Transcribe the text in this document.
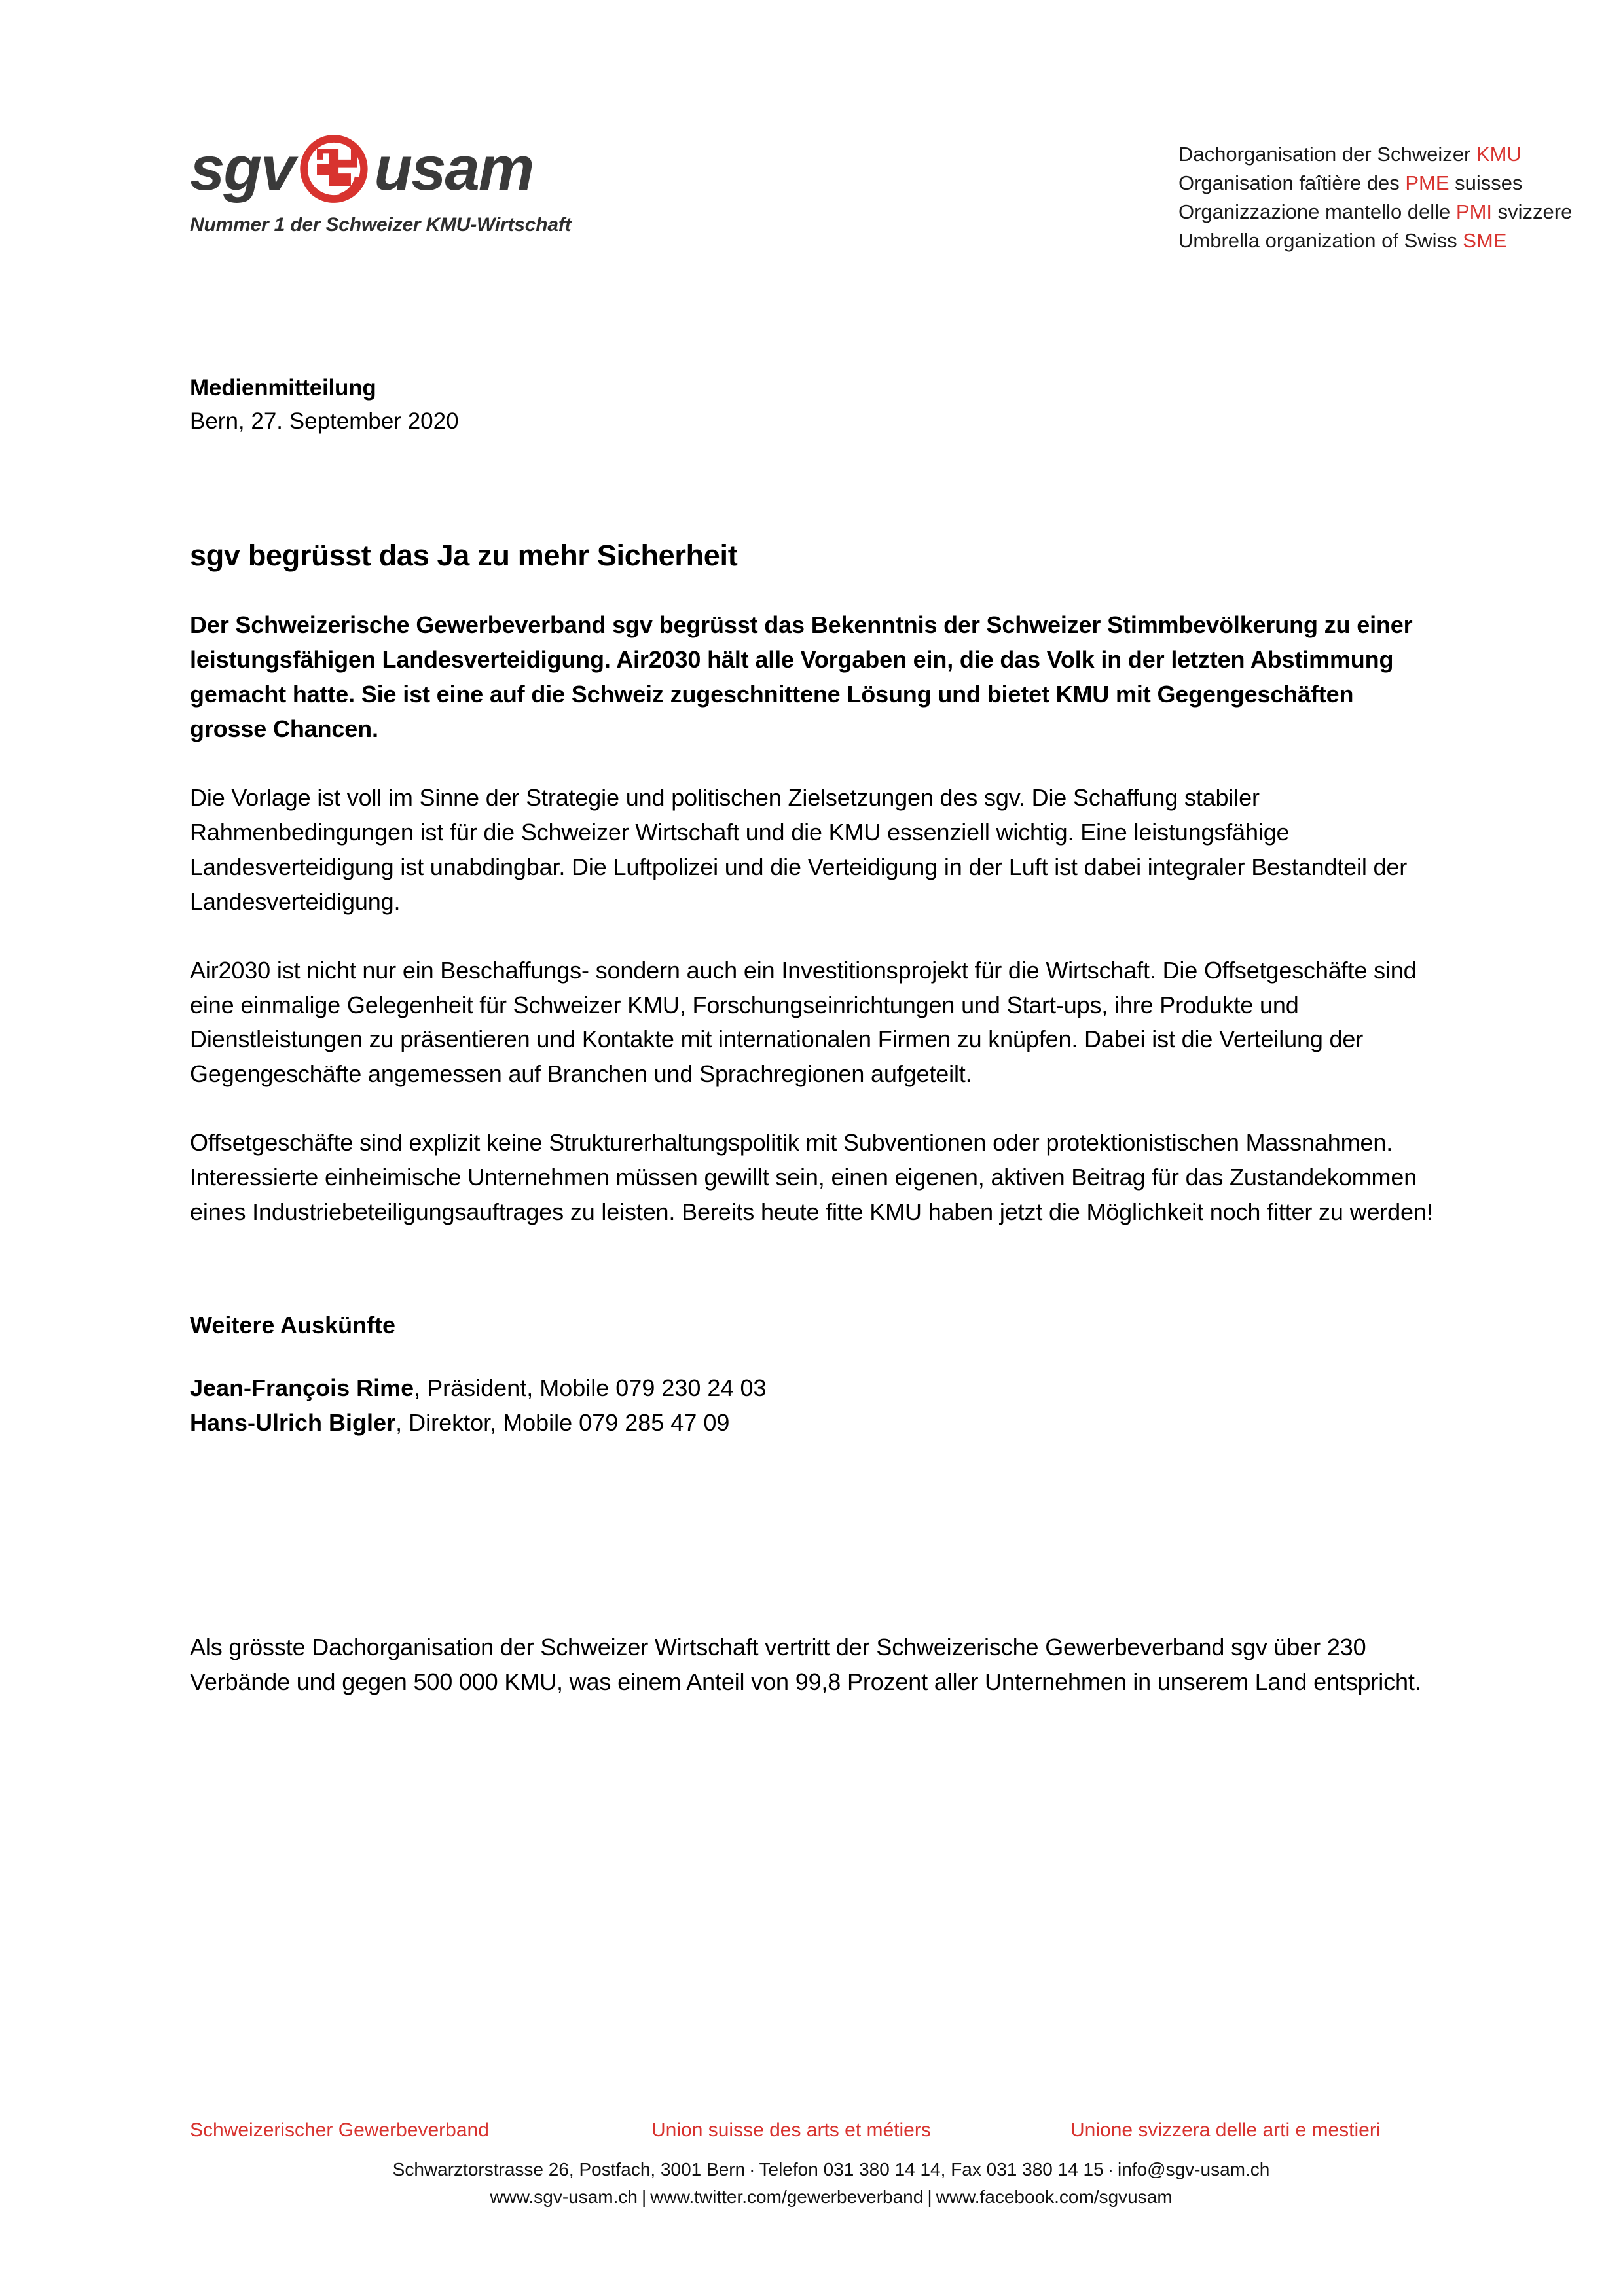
sgv usam
Nummer 1 der Schweizer KMU-Wirtschaft
Dachorganisation der Schweizer KMU
Organisation faîtière des PME suisses
Organizzazione mantello delle PMI svizzere
Umbrella organization of Swiss SME
Medienmitteilung
Bern, 27. September 2020
sgv begrüsst das Ja zu mehr Sicherheit

Der Schweizerische Gewerbeverband sgv begrüsst das Bekenntnis der Schweizer Stimmbevölkerung zu einer leistungsfähigen Landesverteidigung. Air2030 hält alle Vorgaben ein, die das Volk in der letzten Abstimmung gemacht hatte. Sie ist eine auf die Schweiz zugeschnittene Lösung und bietet KMU mit Gegengeschäften grosse Chancen.

Die Vorlage ist voll im Sinne der Strategie und politischen Zielsetzungen des sgv. Die Schaffung stabiler Rahmenbedingungen ist für die Schweizer Wirtschaft und die KMU essenziell wichtig. Eine leistungsfähige Landesverteidigung ist unabdingbar. Die Luftpolizei und die Verteidigung in der Luft ist dabei integraler Bestandteil der Landesverteidigung.

Air2030 ist nicht nur ein Beschaffungs- sondern auch ein Investitionsprojekt für die Wirtschaft. Die Offsetgeschäfte sind eine einmalige Gelegenheit für Schweizer KMU, Forschungseinrichtungen und Start-ups, ihre Produkte und Dienstleistungen zu präsentieren und Kontakte mit internationalen Firmen zu knüpfen. Dabei ist die Verteilung der Gegengeschäfte angemessen auf Branchen und Sprachregionen aufgeteilt.

Offsetgeschäfte sind explizit keine Strukturerhaltungspolitik mit Subventionen oder protektionistischen Massnahmen. Interessierte einheimische Unternehmen müssen gewillt sein, einen eigenen, aktiven Beitrag für das Zustandekommen eines Industriebeteiligungsauftrages zu leisten. Bereits heute fitte KMU haben jetzt die Möglichkeit noch fitter zu werden!

Weitere Auskünfte
Jean-François Rime, Präsident, Mobile 079 230 24 03
Hans-Ulrich Bigler, Direktor, Mobile 079 285 47 09

Als grösste Dachorganisation der Schweizer Wirtschaft vertritt der Schweizerische Gewerbeverband sgv über 230 Verbände und gegen 500 000 KMU, was einem Anteil von 99,8 Prozent aller Unternehmen in unserem Land entspricht.

Schweizerischer Gewerbeverband	Union suisse des arts et métiers	Unione svizzera delle arti e mestieri
Schwarztorstrasse 26, Postfach, 3001 Bern · Telefon 031 380 14 14, Fax 031 380 14 15 · info@sgv-usam.ch
www.sgv-usam.ch | www.twitter.com/gewerbeverband | www.facebook.com/sgvusam
